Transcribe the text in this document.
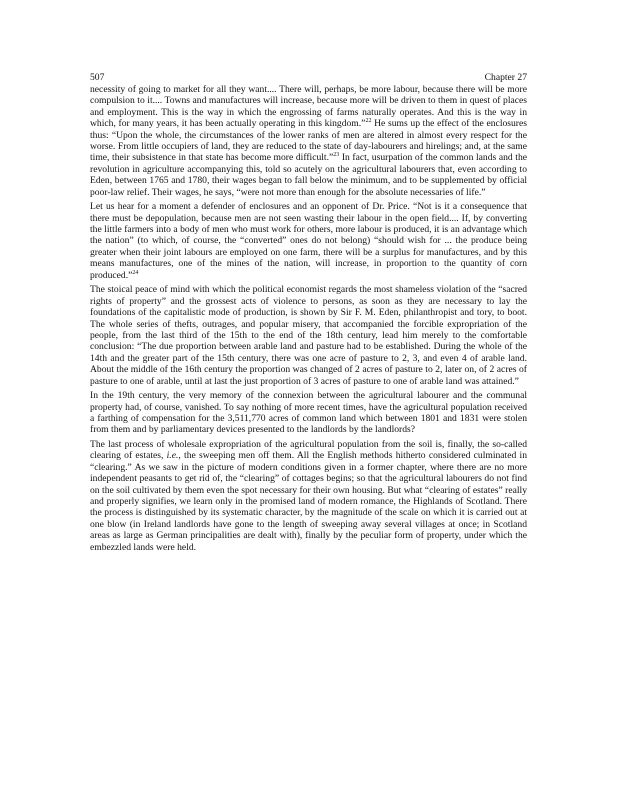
507	Chapter 27

necessity of going to market for all they want.... There will, perhaps, be more labour, because there will be more compulsion to it.... Towns and manufactures will increase, because more will be driven to them in quest of places and employment. This is the way in which the engrossing of farms naturally operates. And this is the way in which, for many years, it has been actually operating in this kingdom.”$^{22}$ He sums up the effect of the enclosures thus: “Upon the whole, the circumstances of the lower ranks of men are altered in almost every respect for the worse. From little occupiers of land, they are reduced to the state of day-labourers and hirelings; and, at the same time, their subsistence in that state has become more difficult.”$^{23}$ In fact, usurpation of the common lands and the revolution in agriculture accompanying this, told so acutely on the agricultural labourers that, even according to Eden, between 1765 and 1780, their wages began to fall below the minimum, and to be supplemented by official poor-law relief. Their wages, he says, “were not more than enough for the absolute necessaries of life.”

Let us hear for a moment a defender of enclosures and an opponent of Dr. Price. “Not is it a consequence that there must be depopulation, because men are not seen wasting their labour in the open field.... If, by converting the little farmers into a body of men who must work for others, more labour is produced, it is an advantage which the nation” (to which, of course, the “converted” ones do not belong) “should wish for ... the produce being greater when their joint labours are employed on one farm, there will be a surplus for manufactures, and by this means manufactures, one of the mines of the nation, will increase, in proportion to the quantity of corn produced.”$^{24}$

The stoical peace of mind with which the political economist regards the most shameless violation of the “sacred rights of property” and the grossest acts of violence to persons, as soon as they are necessary to lay the foundations of the capitalistic mode of production, is shown by Sir F. M. Eden, philanthropist and tory, to boot. The whole series of thefts, outrages, and popular misery, that accompanied the forcible expropriation of the people, from the last third of the 15th to the end of the 18th century, lead him merely to the comfortable conclusion: “The due proportion between arable land and pasture had to be established. During the whole of the 14th and the greater part of the 15th century, there was one acre of pasture to 2, 3, and even 4 of arable land. About the middle of the 16th century the proportion was changed of 2 acres of pasture to 2, later on, of 2 acres of pasture to one of arable, until at last the just proportion of 3 acres of pasture to one of arable land was attained.”

In the 19th century, the very memory of the connexion between the agricultural labourer and the communal property had, of course, vanished. To say nothing of more recent times, have the agricultural population received a farthing of compensation for the 3,511,770 acres of common land which between 1801 and 1831 were stolen from them and by parliamentary devices presented to the landlords by the landlords?

The last process of wholesale expropriation of the agricultural population from the soil is, finally, the so-called clearing of estates, i.e., the sweeping men off them. All the English methods hitherto considered culminated in “clearing.” As we saw in the picture of modern conditions given in a former chapter, where there are no more independent peasants to get rid of, the “clearing” of cottages begins; so that the agricultural labourers do not find on the soil cultivated by them even the spot necessary for their own housing. But what “clearing of estates” really and properly signifies, we learn only in the promised land of modern romance, the Highlands of Scotland. There the process is distinguished by its systematic character, by the magnitude of the scale on which it is carried out at one blow (in Ireland landlords have gone to the length of sweeping away several villages at once; in Scotland areas as large as German principalities are dealt with), finally by the peculiar form of property, under which the embezzled lands were held.
